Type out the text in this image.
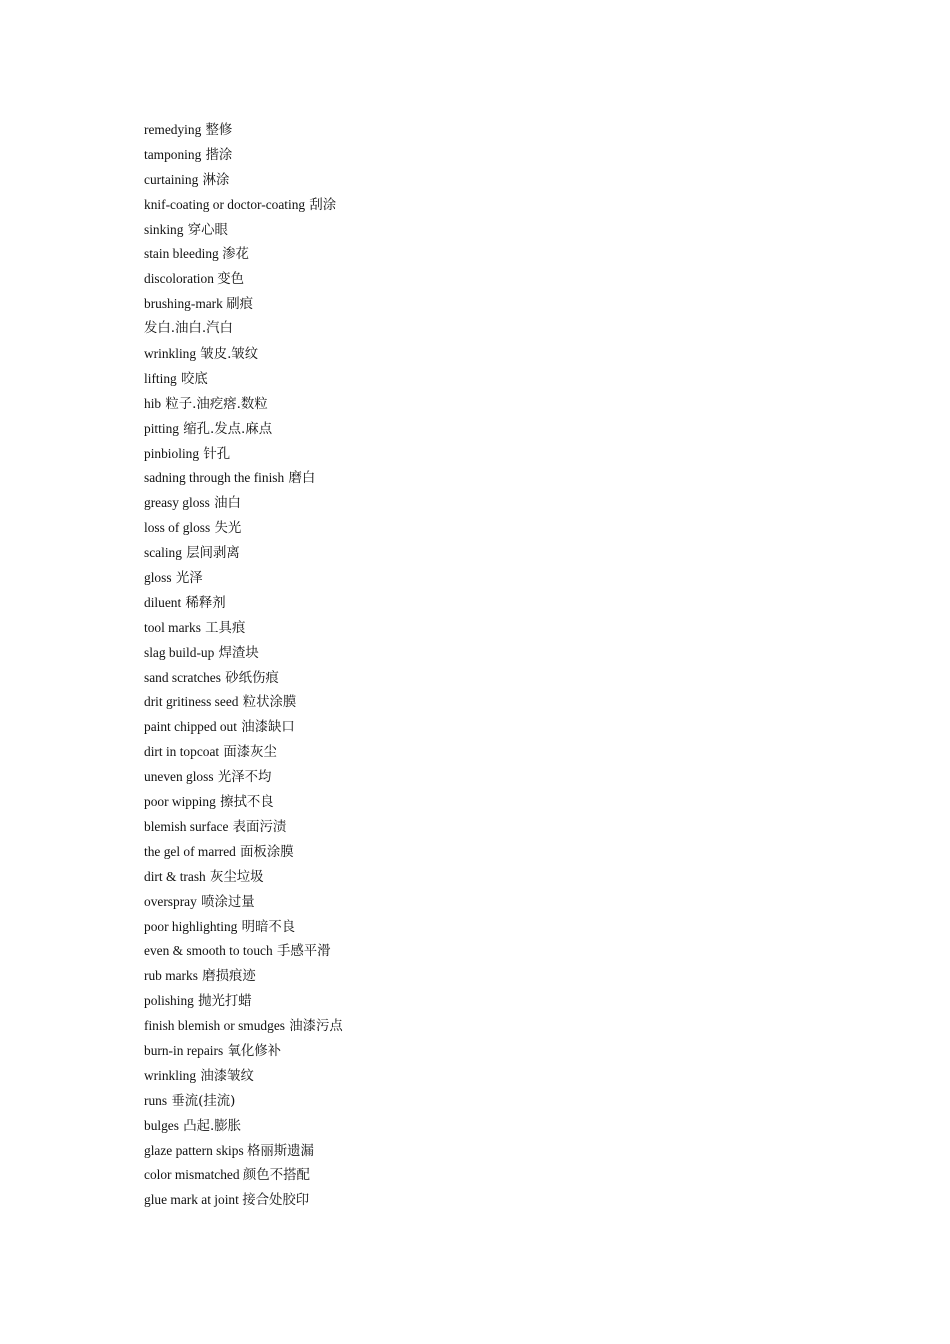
remedying 整修
tamponing 揩涂
curtaining 淋涂
knif-coating or doctor-coating 刮涂
sinking 穿心眼
stain bleeding 渗花
discoloration 变色
brushing-mark 刷痕
发白.油白.汽白
wrinkling 皱皮.皱纹
lifting 咬底
hib 粒子.油疙瘩.数粒
pitting 缩孔.发点.麻点
pinbioling 针孔
sadning through the finish 磨白
greasy gloss 油白
loss of gloss 失光
scaling 层间剥离
gloss 光泽
diluent 稀释剂
tool marks 工具痕
slag build-up 焊渣块
sand scratches 砂纸伤痕
drit gritiness seed 粒状涂膜
paint chipped out 油漆缺口
dirt in topcoat 面漆灰尘
uneven gloss 光泽不均
poor wipping 擦拭不良
blemish surface 表面污渍
the gel of marred 面板涂膜
dirt & trash 灰尘垃圾
overspray 喷涂过量
poor highlighting 明暗不良
even & smooth to touch 手感平滑
rub marks 磨损痕迹
polishing 抛光打蜡
finish blemish or smudges 油漆污点
burn-in repairs 氧化修补
wrinkling 油漆皱纹
runs 垂流(挂流)
bulges 凸起.膨胀
glaze pattern skips 格丽斯遗漏
color mismatched 颜色不搭配
glue mark at joint 接合处胶印
